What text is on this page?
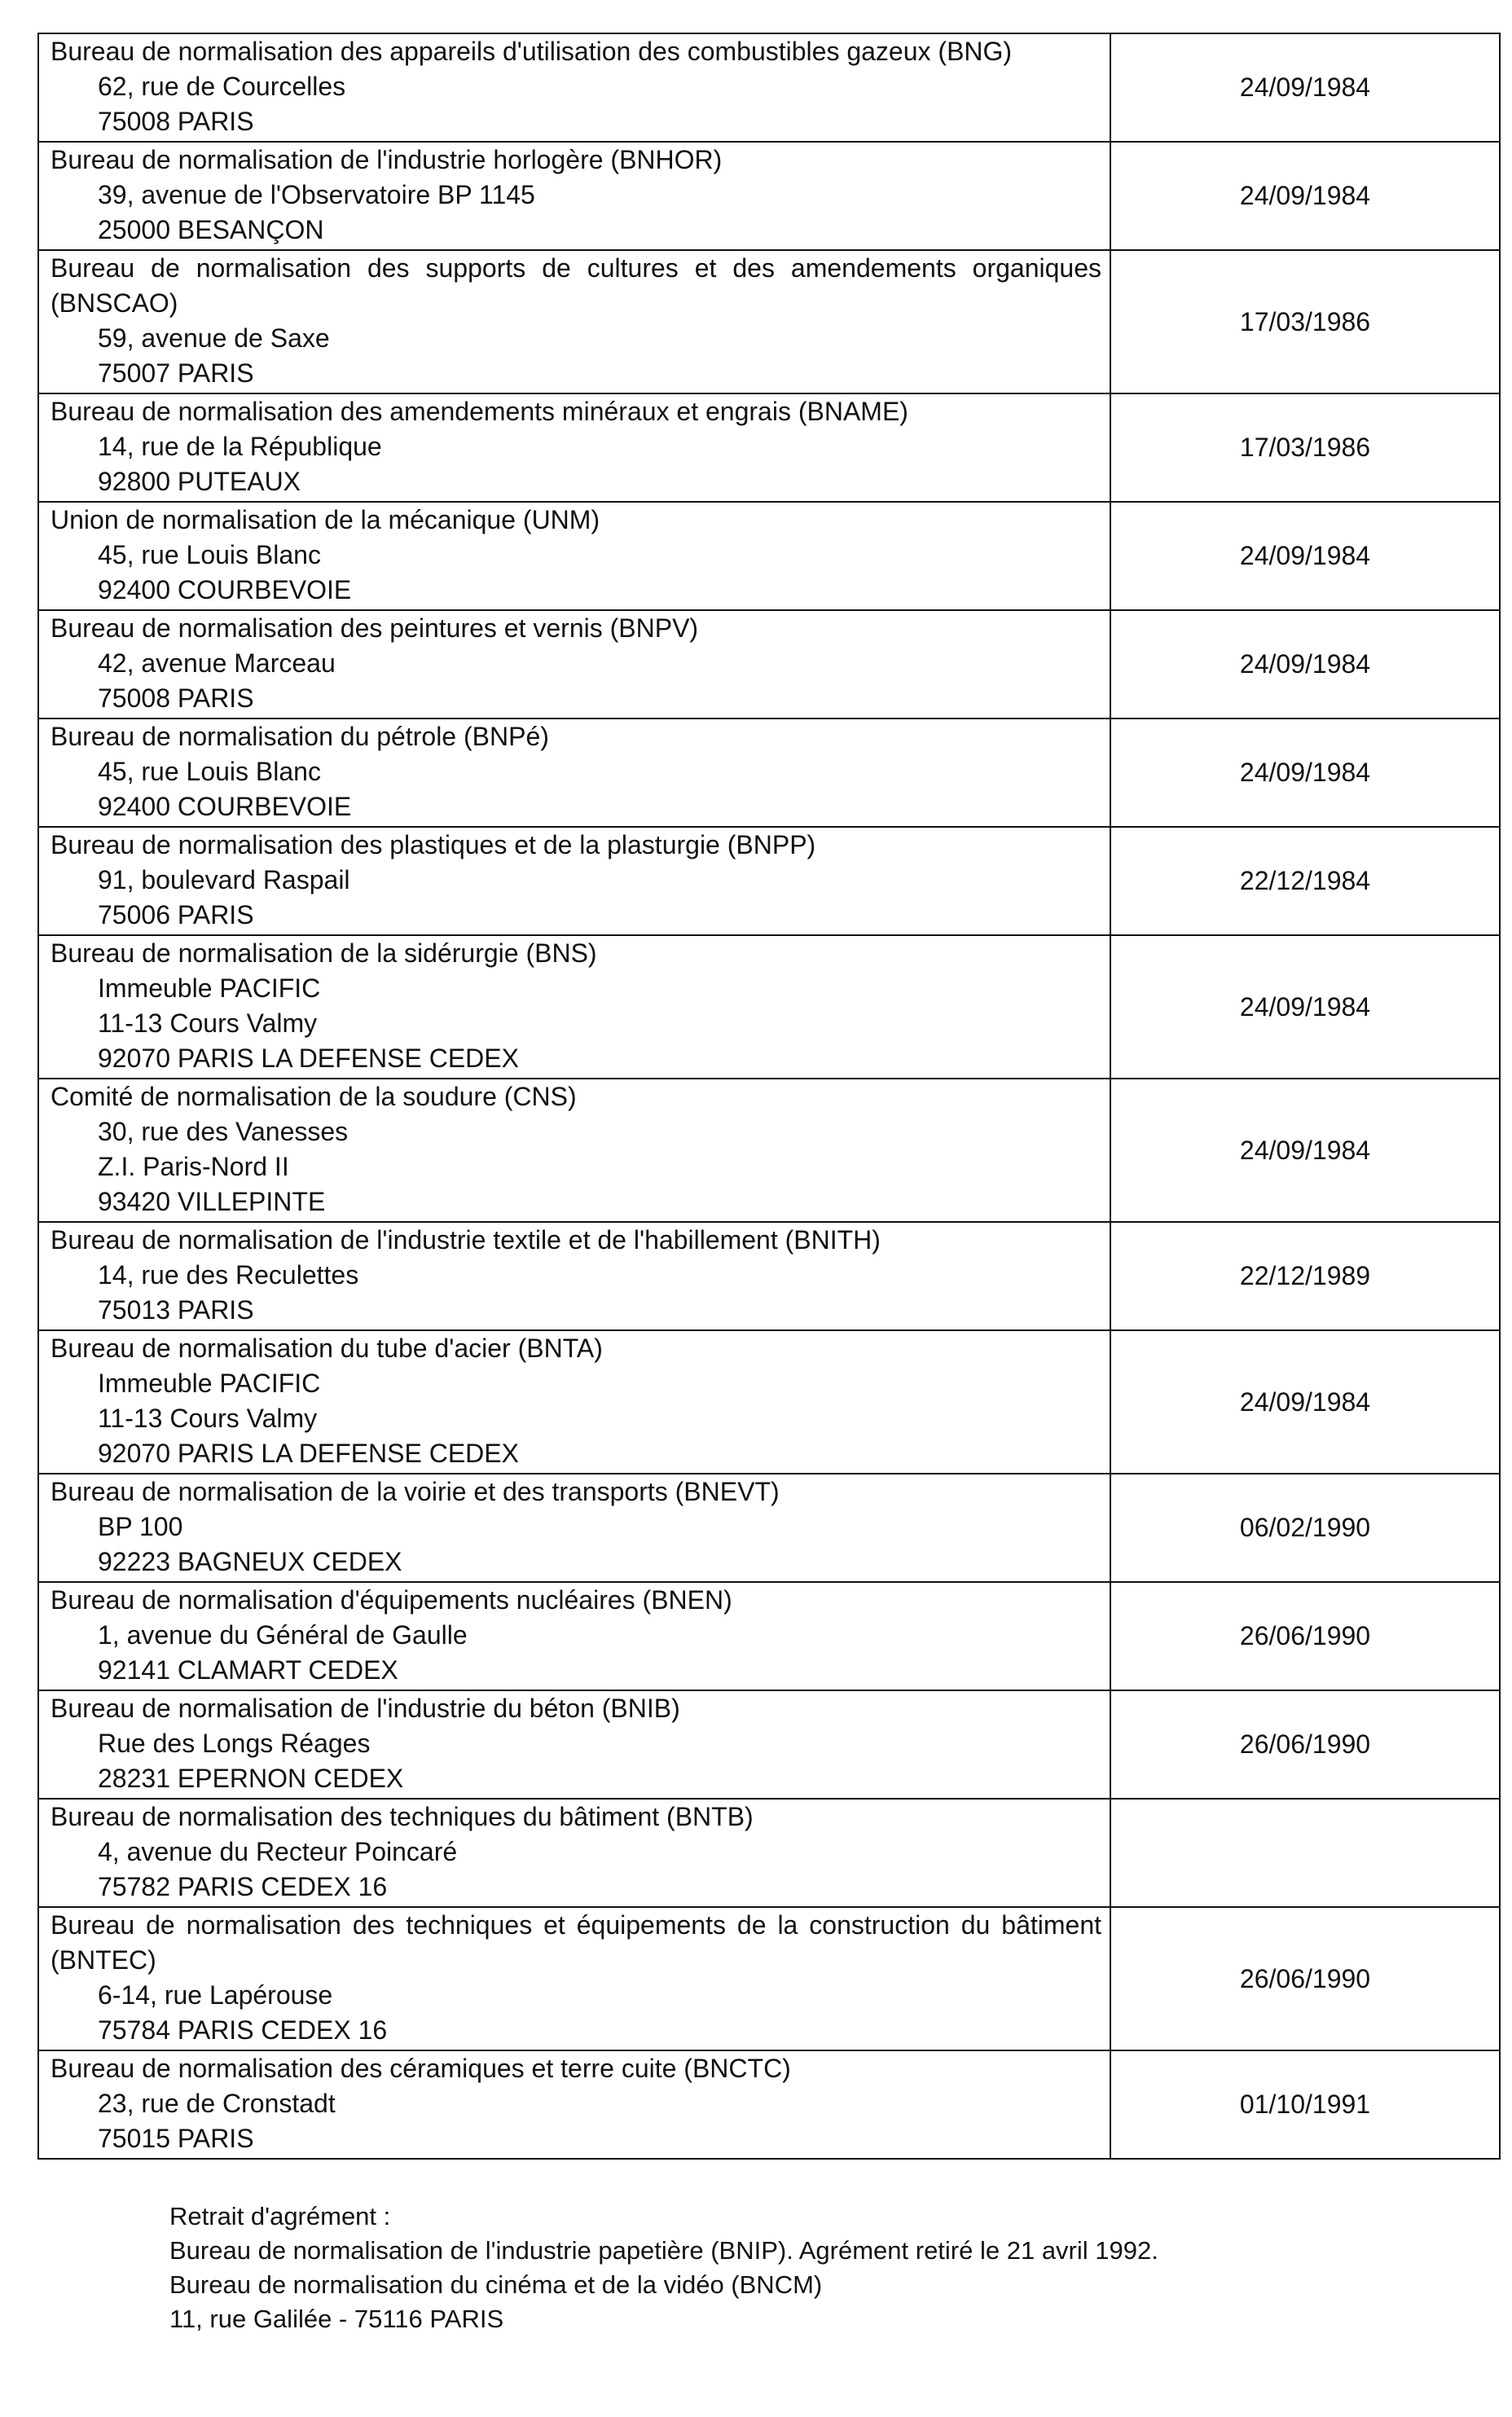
Bureau de normalisation des appareils d'utilisation des combustibles gazeux (BNG)
62, rue de Courcelles
75008 PARIS	24/09/1984

Bureau de normalisation de l'industrie horlogère (BNHOR)
39, avenue de l'Observatoire BP 1145
25000 BESANÇON	24/09/1984

Bureau de normalisation des supports de cultures et des amendements organiques (BNSCAO)
59, avenue de Saxe
75007 PARIS	17/03/1986

Bureau de normalisation des amendements minéraux et engrais (BNAME)
14, rue de la République
92800 PUTEAUX	17/03/1986

Union de normalisation de la mécanique (UNM)
45, rue Louis Blanc
92400 COURBEVOIE	24/09/1984

Bureau de normalisation des peintures et vernis (BNPV)
42, avenue Marceau
75008 PARIS	24/09/1984

Bureau de normalisation du pétrole (BNPé)
45, rue Louis Blanc
92400 COURBEVOIE	24/09/1984

Bureau de normalisation des plastiques et de la plasturgie (BNPP)
91, boulevard Raspail
75006 PARIS	22/12/1984

Bureau de normalisation de la sidérurgie (BNS)
Immeuble PACIFIC
11-13 Cours Valmy
92070 PARIS LA DEFENSE CEDEX	24/09/1984

Comité de normalisation de la soudure (CNS)
30, rue des Vanesses
Z.I. Paris-Nord II
93420 VILLEPINTE	24/09/1984

Bureau de normalisation de l'industrie textile et de l'habillement (BNITH)
14, rue des Reculettes
75013 PARIS	22/12/1989

Bureau de normalisation du tube d'acier (BNTA)
Immeuble PACIFIC
11-13 Cours Valmy
92070 PARIS LA DEFENSE CEDEX	24/09/1984

Bureau de normalisation de la voirie et des transports (BNEVT)
BP 100
92223 BAGNEUX CEDEX	06/02/1990

Bureau de normalisation d'équipements nucléaires (BNEN)
1, avenue du Général de Gaulle
92141 CLAMART CEDEX	26/06/1990

Bureau de normalisation de l'industrie du béton (BNIB)
Rue des Longs Réages
28231 EPERNON CEDEX	26/06/1990

Bureau de normalisation des techniques du bâtiment (BNTB)
4, avenue du Recteur Poincaré
75782 PARIS CEDEX 16	

Bureau de normalisation des techniques et équipements de la construction du bâtiment (BNTEC)
6-14, rue Lapérouse
75784 PARIS CEDEX 16	26/06/1990

Bureau de normalisation des céramiques et terre cuite (BNCTC)
23, rue de Cronstadt
75015 PARIS	01/10/1991
Retrait d'agrément :
Bureau de normalisation de l'industrie papetière (BNIP). Agrément retiré le 21 avril 1992.
Bureau de normalisation du cinéma et de la vidéo (BNCM)
11, rue Galilée - 75116 PARIS
